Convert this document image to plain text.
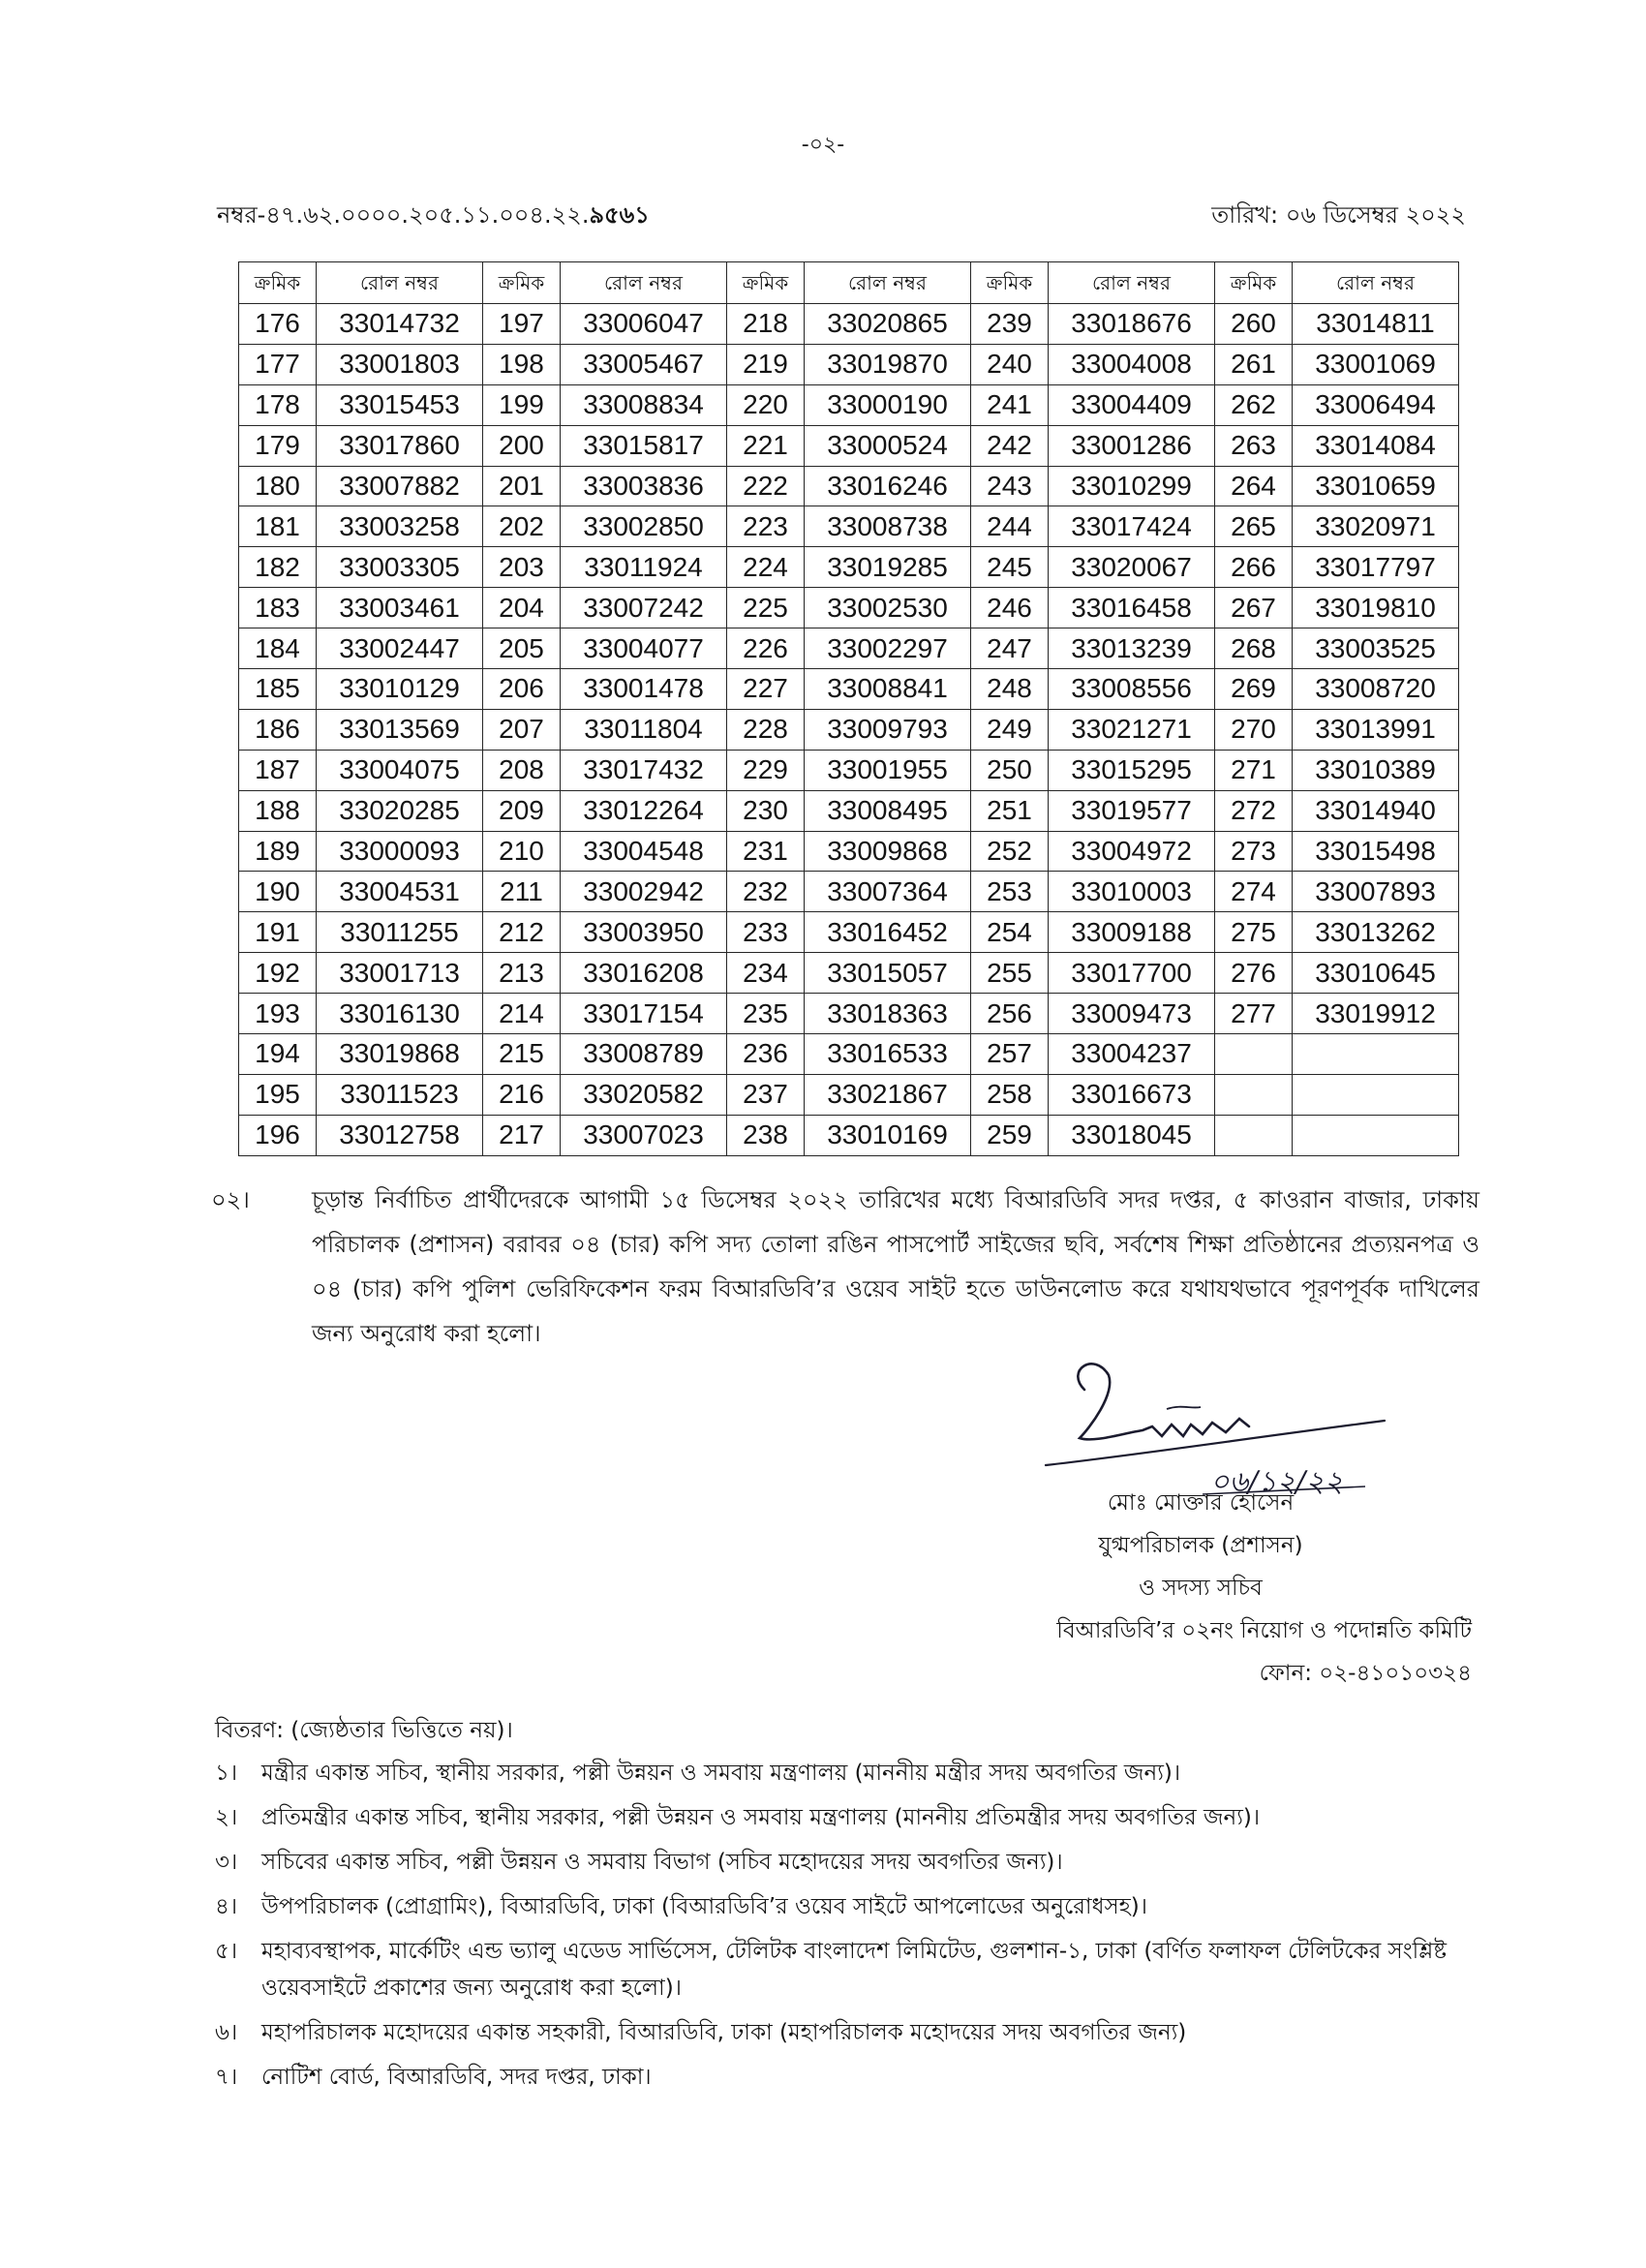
-০২-
নম্বর-৪৭.৬২.০০০০.২০৫.১১.০০৪.২২.৯৫৬১	তারিখ: ০৬ ডিসেম্বর ২০২২
ক্রমিক	রোল নম্বর	ক্রমিক	রোল নম্বর	ক্রমিক	রোল নম্বর	ক্রমিক	রোল নম্বর	ক্রমিক	রোল নম্বর
176	33014732	197	33006047	218	33020865	239	33018676	260	33014811
177	33001803	198	33005467	219	33019870	240	33004008	261	33001069
178	33015453	199	33008834	220	33000190	241	33004409	262	33006494
179	33017860	200	33015817	221	33000524	242	33001286	263	33014084
180	33007882	201	33003836	222	33016246	243	33010299	264	33010659
181	33003258	202	33002850	223	33008738	244	33017424	265	33020971
182	33003305	203	33011924	224	33019285	245	33020067	266	33017797
183	33003461	204	33007242	225	33002530	246	33016458	267	33019810
184	33002447	205	33004077	226	33002297	247	33013239	268	33003525
185	33010129	206	33001478	227	33008841	248	33008556	269	33008720
186	33013569	207	33011804	228	33009793	249	33021271	270	33013991
187	33004075	208	33017432	229	33001955	250	33015295	271	33010389
188	33020285	209	33012264	230	33008495	251	33019577	272	33014940
189	33000093	210	33004548	231	33009868	252	33004972	273	33015498
190	33004531	211	33002942	232	33007364	253	33010003	274	33007893
191	33011255	212	33003950	233	33016452	254	33009188	275	33013262
192	33001713	213	33016208	234	33015057	255	33017700	276	33010645
193	33016130	214	33017154	235	33018363	256	33009473	277	33019912
194	33019868	215	33008789	236	33016533	257	33004237		
195	33011523	216	33020582	237	33021867	258	33016673		
196	33012758	217	33007023	238	33010169	259	33018045		
০২।	চূড়ান্ত নির্বাচিত প্রার্থীদেরকে আগামী ১৫ ডিসেম্বর ২০২২ তারিখের মধ্যে বিআরডিবি সদর দপ্তর, ৫ কাওরান বাজার, ঢাকায় পরিচালক (প্রশাসন) বরাবর ০৪ (চার) কপি সদ্য তোলা রঙিন পাসপোর্ট সাইজের ছবি, সর্বশেষ শিক্ষা প্রতিষ্ঠানের প্রত্যয়নপত্র ও ০৪ (চার) কপি পুলিশ ভেরিফিকেশন ফরম বিআরডিবি’র ওয়েব সাইট হতে ডাউনলোড করে যথাযথভাবে পূরণপূর্বক দাখিলের জন্য অনুরোধ করা হলো।
০৬/১২/২২
মোঃ মোক্তার হোসেন
যুগ্মপরিচালক (প্রশাসন)
ও সদস্য সচিব
বিআরডিবি’র ০২নং নিয়োগ ও পদোন্নতি কমিটি
ফোন: ০২-৪১০১০৩২৪
বিতরণ: (জ্যেষ্ঠতার ভিত্তিতে নয়)।
১। মন্ত্রীর একান্ত সচিব, স্থানীয় সরকার, পল্লী উন্নয়ন ও সমবায় মন্ত্রণালয় (মাননীয় মন্ত্রীর সদয় অবগতির জন্য)।
২। প্রতিমন্ত্রীর একান্ত সচিব, স্থানীয় সরকার, পল্লী উন্নয়ন ও সমবায় মন্ত্রণালয় (মাননীয় প্রতিমন্ত্রীর সদয় অবগতির জন্য)।
৩। সচিবের একান্ত সচিব, পল্লী উন্নয়ন ও সমবায় বিভাগ (সচিব মহোদয়ের সদয় অবগতির জন্য)।
৪। উপপরিচালক (প্রোগ্রামিং), বিআরডিবি, ঢাকা (বিআরডিবি’র ওয়েব সাইটে আপলোডের অনুরোধসহ)।
৫। মহাব্যবস্থাপক, মার্কেটিং এন্ড ভ্যালু এডেড সার্ভিসেস, টেলিটক বাংলাদেশ লিমিটেড, গুলশান-১, ঢাকা (বর্ণিত ফলাফল টেলিটকের সংশ্লিষ্ট ওয়েবসাইটে প্রকাশের জন্য অনুরোধ করা হলো)।
৬। মহাপরিচালক মহোদয়ের একান্ত সহকারী, বিআরডিবি, ঢাকা (মহাপরিচালক মহোদয়ের সদয় অবগতির জন্য)
৭। নোটিশ বোর্ড, বিআরডিবি, সদর দপ্তর, ঢাকা।
